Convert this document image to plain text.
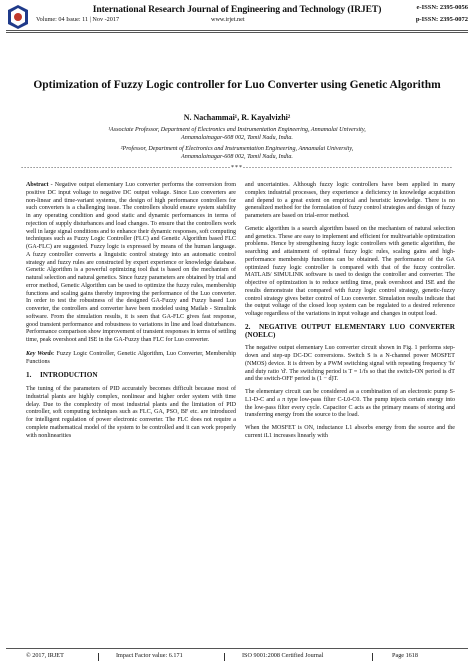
International Research Journal of Engineering and Technology (IRJET)	e-ISSN: 2395-0056
Volume: 04 Issue: 11 | Nov -2017	www.irjet.net	p-ISSN: 2395-0072
Optimization of Fuzzy Logic controller for Luo Converter using Genetic Algorithm
N. Nachammai¹, R. Kayalvizhi²
¹Associate Professor, Department of Electronics and Instrumentation Engineering, Annamalai University,
Annamalainagar-608 002, Tamil Nadu, India.
²Professor, Department of Electronics and Instrumentation Engineering, Annamalai University,
Annamalainagar-608 002, Tamil Nadu, India.
----------------------------------------------------------------------***----------------------------------------------------------------------

Abstract - Negative output elementary Luo converter performs the conversion from positive DC input voltage to negative DC output voltage. Since Luo converters are non-linear and time-variant systems, the design of high performance controllers for such converters is a challenging issue. The controllers should ensure system stability in any operating condition and good static and dynamic performances in terms of rejection of supply disturbances and load changes. To ensure that the controllers work well in large signal conditions and to enhance their dynamic responses, soft computing techniques such as Fuzzy Logic Controller (FLC) and Genetic Algorithm based FLC (GA-FLC) are suggested. Fuzzy logic is expressed by means of the human language. A fuzzy controller converts a linguistic control strategy into an automatic control strategy and fuzzy rules are constructed by expert experience or knowledge database. Genetic Algorithm is a powerful optimizing tool that is based on the mechanism of natural selection and natural genetics. Since fuzzy parameters are obtained by trial and error method, Genetic Algorithm can be used to optimize the fuzzy rules, membership functions and scaling gains thereby improving the performance of the Luo converter. In order to test the robustness of the designed GA-Fuzzy and Fuzzy based Luo converter, the controllers and converter have been modeled using Matlab - Simulink software. From the simulation results, it is seen that GA-FLC gives fast response, good transient performance and robustness to variations in line and load disturbances. Performance comparison show improvement of transient responses in terms of settling time, peak overshoot and ISE in the GA-Fuzzy than FLC for Luo converter.

Key Words: Fuzzy Logic Controller, Genetic Algorithm, Luo Converter, Membership Functions

1. INTRODUCTION

The tuning of the parameters of PID accurately becomes difficult because most of industrial plants are highly complex, nonlinear and higher order system with time delay. Due to the complexity of most industrial plants and the limitation of PID controller, soft computing techniques such as FLC, GA, PSO, BF etc. are introduced for intelligent regulation of power electronic converter. The FLC does not require a complete mathematical model of the system to be controlled and it can work properly with nonlinearities

and uncertainties. Although fuzzy logic controllers have been applied in many complex industrial processes, they experience a deficiency in knowledge acquisition and depend to a great extent on empirical and heuristic knowledge. There is no generalized method for the formulation of fuzzy control strategies and design of fuzzy parameters are based on trial-error method.

Genetic algorithm is a search algorithm based on the mechanism of natural selection and genetics. These are easy to implement and efficient for multivariable optimization problems. Hence by strengthening fuzzy logic controllers with genetic algorithm, the searching and attainment of optimal fuzzy logic rules, scaling gains and high-performance membership functions can be obtained. The performance of the GA optimized fuzzy logic controller is compared with that of the fuzzy controller. MATLAB/ SIMULINK software is used to design the controller and converter. The objective of optimization is to reduce settling time, peak overshoot and ISE and the results demonstrate that compared with fuzzy logic control strategy, genetic-fuzzy control strategy gives better control of Luo converter. Simulation results indicate that the output voltage of the closed loop system can be regulated to a desired reference voltage regardless of the variations in input voltage and changes in output load.

2. NEGATIVE OUTPUT ELEMENTARY LUO CONVERTER (NOELC)

The negative output elementary Luo converter circuit shown in Fig. 1 performs step-down and step-up DC-DC conversions. Switch S is a N-channel power MOSFET (NMOS) device. It is driven by a PWM switching signal with repeating frequency 'fs' and duty ratio 'd'. The switching period is T = 1/fs so that the switch-ON period is dT and the switch-OFF period is (1 − d)T.

The elementary circuit can be considered as a combination of an electronic pump S-L1-D-C and a π type low-pass filter C-L0-C0. The pump injects certain energy into the low-pass filter every cycle. Capacitor C acts as the primary means of storing and transferring energy from the source to the load.

When the MOSFET is ON, inductance L1 absorbs energy from the source and the current iL1 increases linearly with

© 2017, IRJET	Impact Factor value: 6.171	ISO 9001:2008 Certified Journal	Page 1618
